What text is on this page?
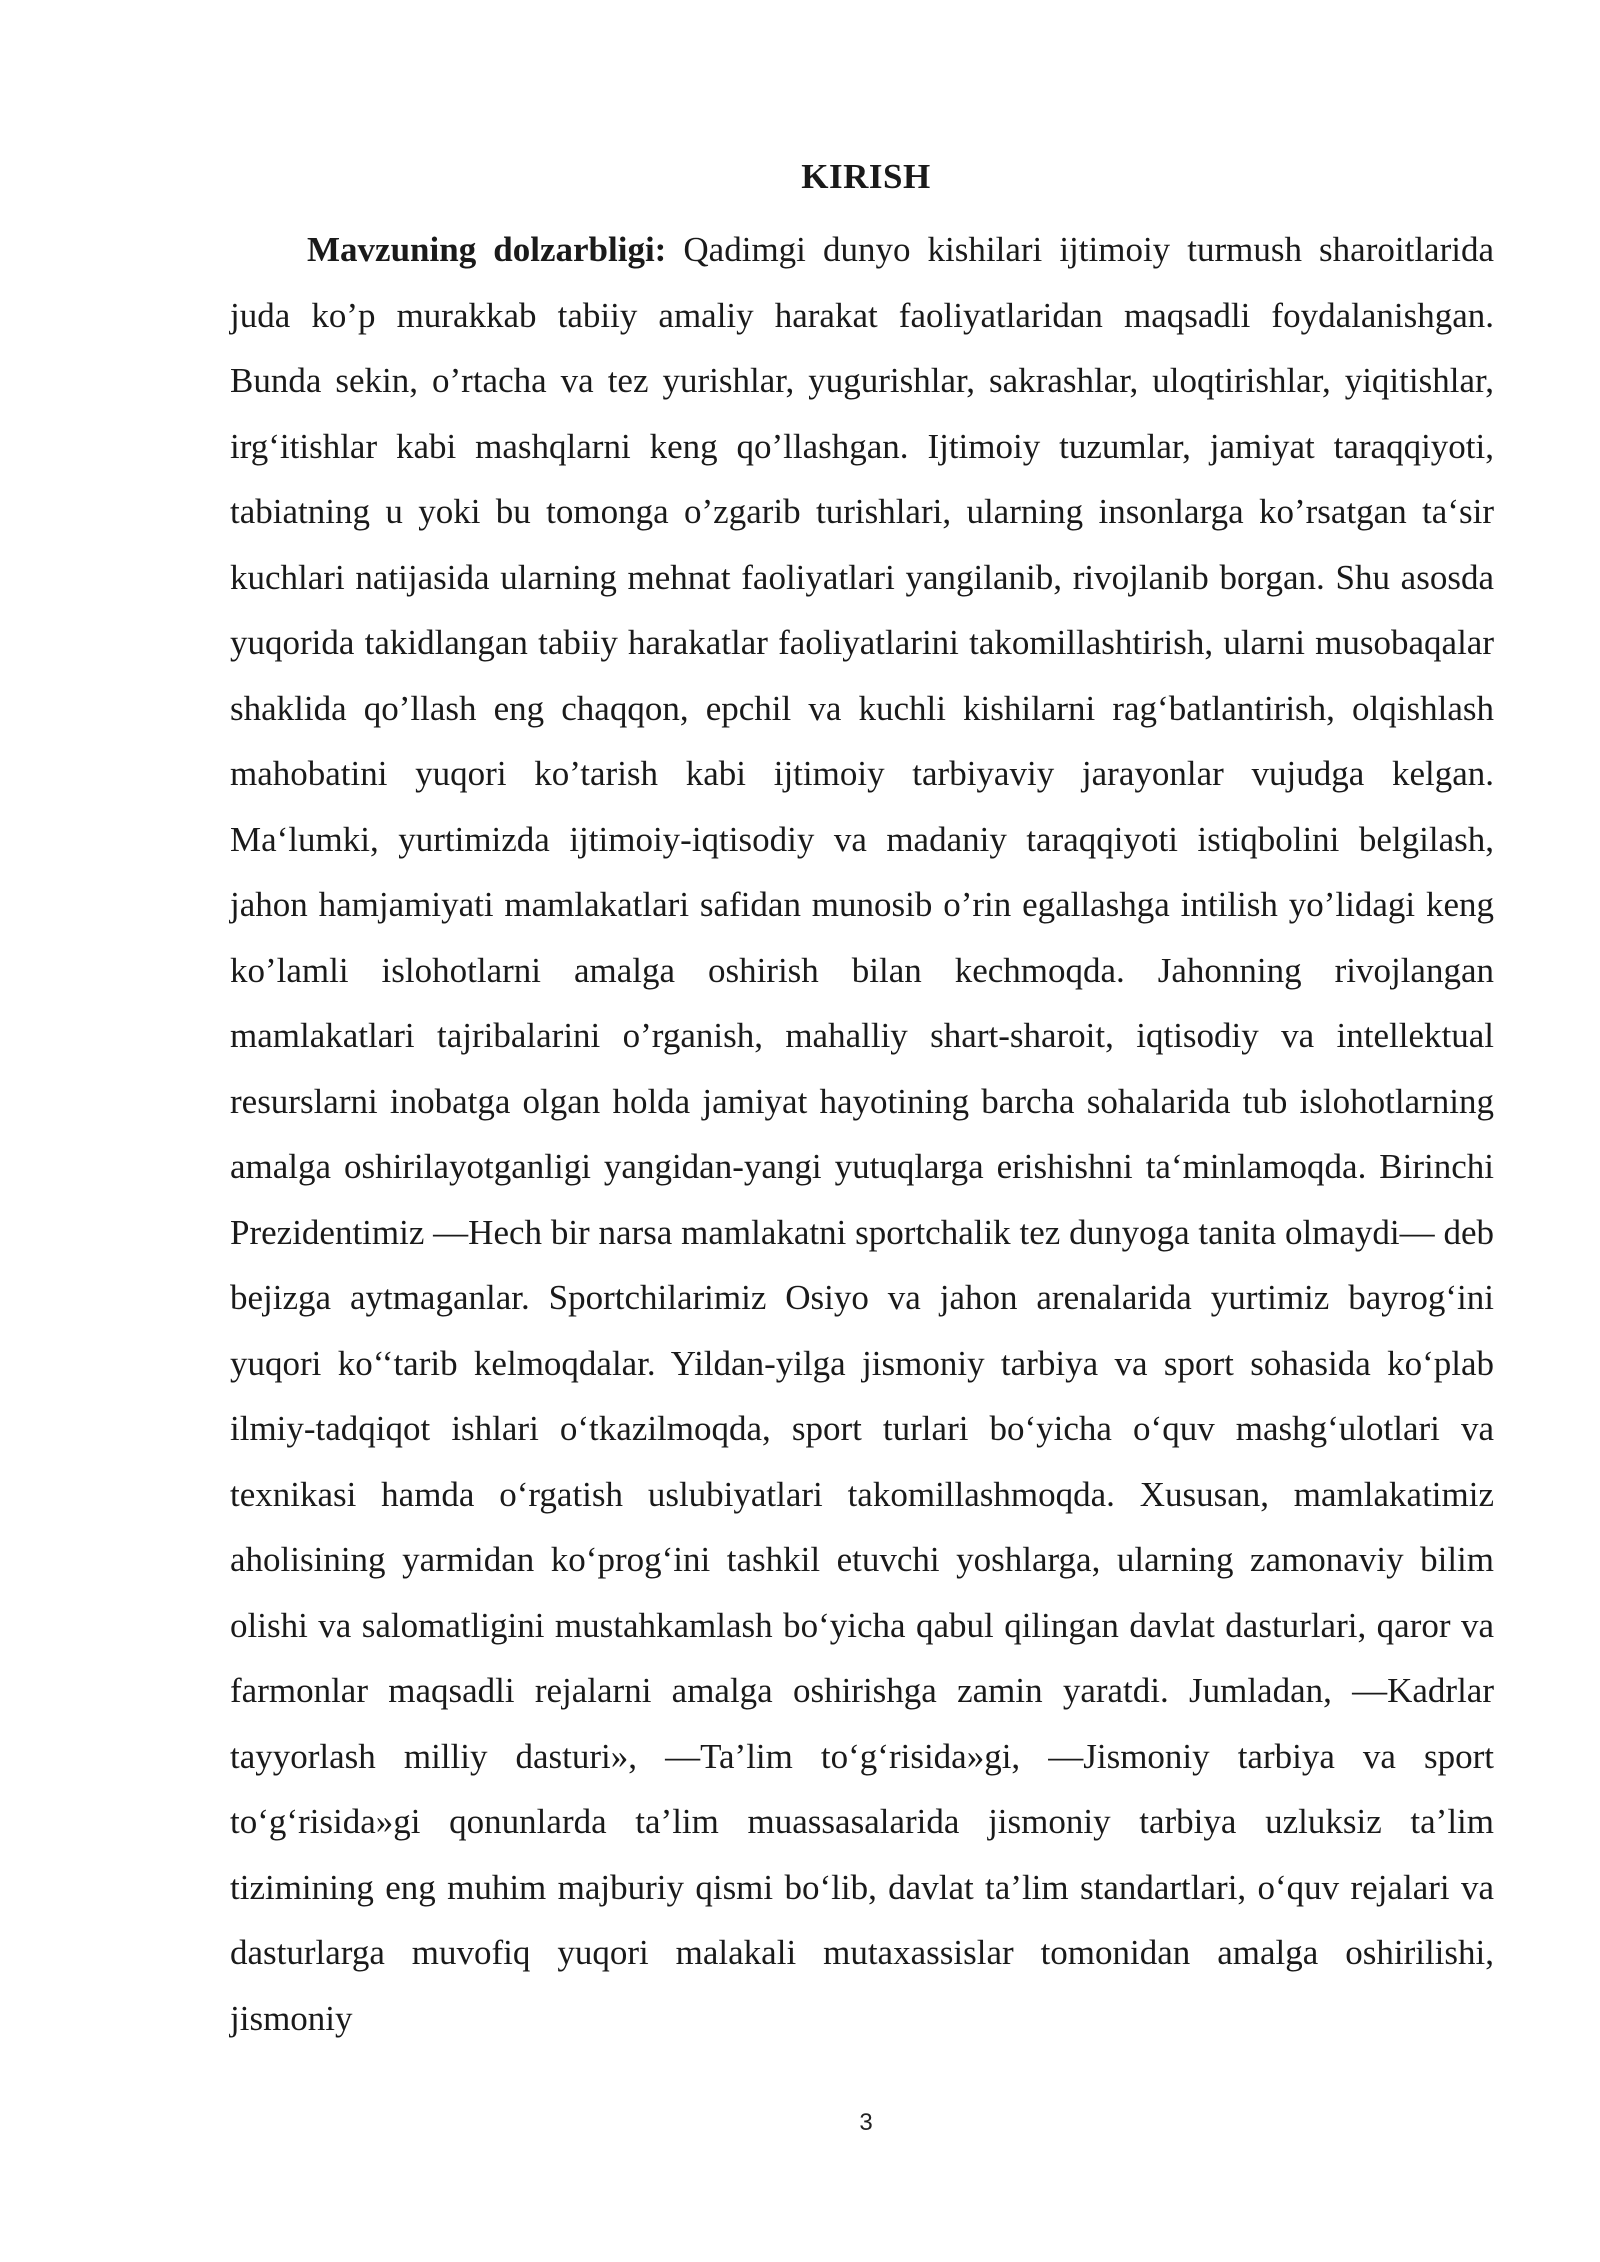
KIRISH

Mavzuning dolzarbligi: Qadimgi dunyo kishilari ijtimoiy turmush sharoitlarida juda ko’p murakkab tabiiy amaliy harakat faoliyatlaridan maqsadli foydalanishgan. Bunda sekin, o’rtacha va tez yurishlar, yugurishlar, sakrashlar, uloqtirishlar, yiqitishlar, irg‘itishlar kabi mashqlarni keng qo’llashgan. Ijtimoiy tuzumlar, jamiyat taraqqiyoti, tabiatning u yoki bu tomonga o’zgarib turishlari, ularning insonlarga ko’rsatgan ta‘sir kuchlari natijasida ularning mehnat faoliyatlari yangilanib, rivojlanib borgan. Shu asosda yuqorida takidlangan tabiiy harakatlar faoliyatlarini takomillashtirish, ularni musobaqalar shaklida qo’llash eng chaqqon, epchil va kuchli kishilarni rag‘batlantirish, olqishlash mahobatini yuqori ko’tarish kabi ijtimoiy tarbiyaviy jarayonlar vujudga kelgan. Ma‘lumki, yurtimizda ijtimoiy-iqtisodiy va madaniy taraqqiyoti istiqbolini belgilash, jahon hamjamiyati mamlakatlari safidan munosib o’rin egallashga intilish yo’lidagi keng ko’lamli islohotlarni amalga oshirish bilan kechmoqda. Jahonning rivojlangan mamlakatlari tajribalarini o’rganish, mahalliy shart-sharoit, iqtisodiy va intellektual resurslarni inobatga olgan holda jamiyat hayotining barcha sohalarida tub islohotlarning amalga oshirilayotganligi yangidan-yangi yutuqlarga erishishni ta‘minlamoqda. Birinchi Prezidentimiz ―Hech bir narsa mamlakatni sportchalik tez dunyoga tanita olmaydi― deb bejizga aytmaganlar. Sportchilarimiz Osiyo va jahon arenalarida yurtimiz bayrog‘ini yuqori ko‘‘tarib kelmoqdalar. Yildan-yilga jismoniy tarbiya va sport sohasida ko‘plab ilmiy-tadqiqot ishlari o‘tkazilmoqda, sport turlari bo‘yicha o‘quv mashg‘ulotlari va texnikasi hamda o‘rgatish uslubiyatlari takomillashmoqda. Xususan, mamlakatimiz aholisining yarmidan ko‘prog‘ini tashkil etuvchi yoshlarga, ularning zamonaviy bilim olishi va salomatligini mustahkamlash bo‘yicha qabul qilingan davlat dasturlari, qaror va farmonlar maqsadli rejalarni amalga oshirishga zamin yaratdi. Jumladan, ―Kadrlar tayyorlash milliy dasturi», ―Ta’lim to‘g‘risida»gi, ―Jismoniy tarbiya va sport to‘g‘risida»gi qonunlarda ta’lim muassasalarida jismoniy tarbiya uzluksiz ta’lim tizimining eng muhim majburiy qismi bo‘lib, davlat ta’lim standartlari, o‘quv rejalari va dasturlarga muvofiq yuqori malakali mutaxassislar tomonidan amalga oshirilishi, jismoniy

3
